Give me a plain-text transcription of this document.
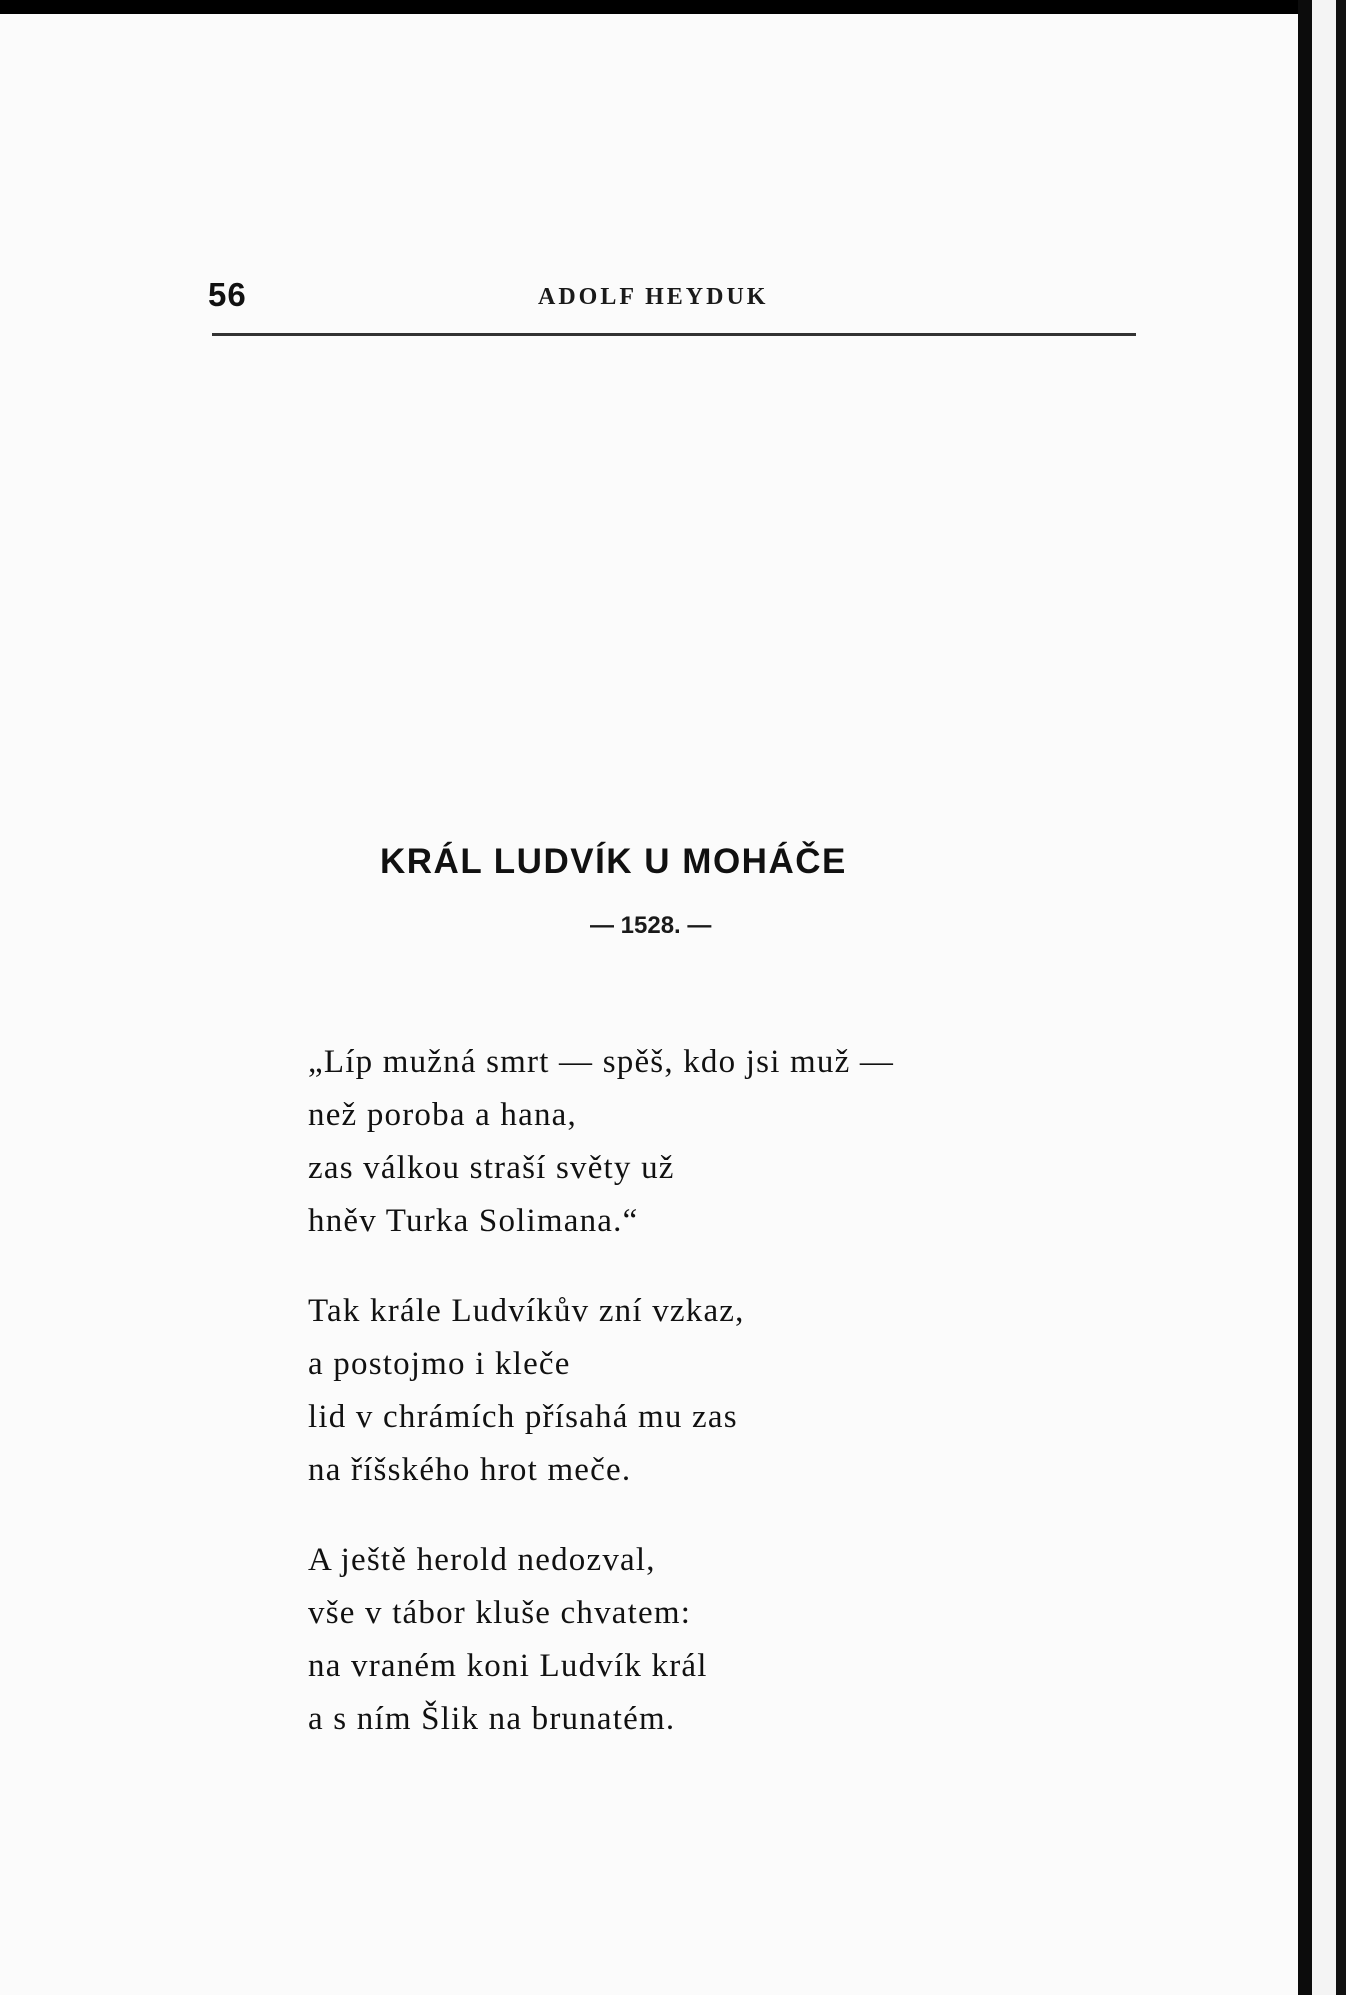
56	ADOLF HEYDUK
KRÁL LUDVÍK U MOHÁČE
— 1528. —
„Líp mužná smrt — spěš, kdo jsi muž —
než poroba a hana,
zas válkou straší světy už
hněv Turka Solimana.“
Tak krále Ludvíkův zní vzkaz,
a postojmo i kleče
lid v chrámích přísahá mu zas
na říšského hrot meče.
A ještě herold nedozval,
vše v tábor kluše chvatem:
na vraném koni Ludvík král
a s ním Šlik na brunatém.
